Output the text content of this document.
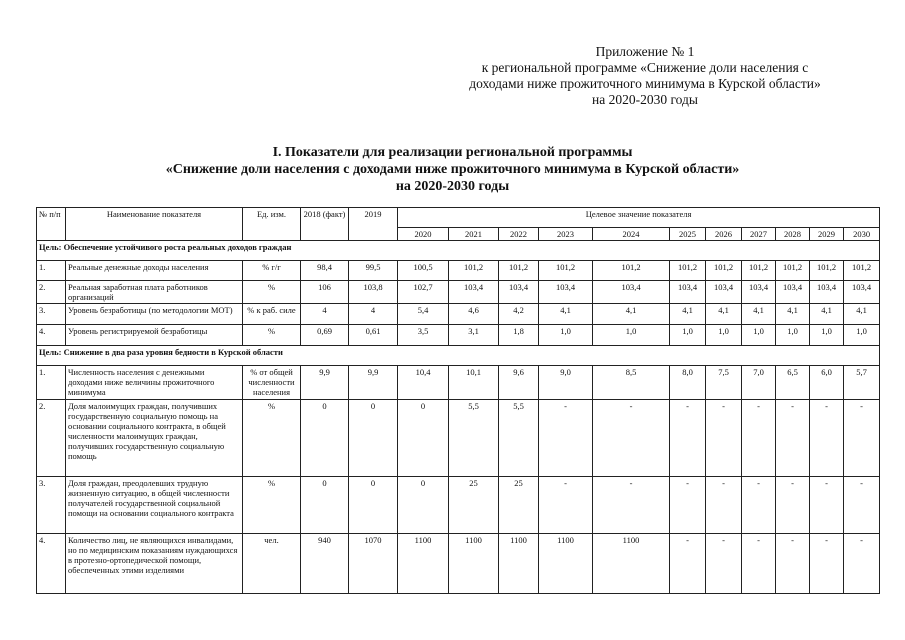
Приложение № 1
к региональной программе «Снижение доли населения с
доходами ниже прожиточного минимума в Курской области»
на 2020-2030 годы
I. Показатели для реализации региональной программы
«Снижение доли населения с доходами ниже прожиточного минимума в Курской области»
на 2020-2030 годы
№ п/п	Наименование показателя	Ед. изм.	2018 (факт)	2019	Целевое значение показателя										
					2020	2021	2022	2023	2024	2025	2026	2027	2028	2029	2030
Цель: Обеспечение устойчивого роста реальных доходов граждан															
1.	Реальные денежные доходы населения	% г/г	98,4	99,5	100,5	101,2	101,2	101,2	101,2	101,2	101,2	101,2	101,2	101,2	101,2
2.	Реальная заработная плата работников организаций	%	106	103,8	102,7	103,4	103,4	103,4	103,4	103,4	103,4	103,4	103,4	103,4	103,4
3.	Уровень безработицы (по методологии МОТ)	% к раб. силе	4	4	5,4	4,6	4,2	4,1	4,1	4,1	4,1	4,1	4,1	4,1	4,1
4.	Уровень регистрируемой безработицы	%	0,69	0,61	3,5	3,1	1,8	1,0	1,0	1,0	1,0	1,0	1,0	1,0	1,0
Цель: Снижение в два раза уровня бедности в Курской области															
1.	Численность населения с денежными доходами ниже величины прожиточного минимума	% от общей численности населения	9,9	9,9	10,4	10,1	9,6	9,0	8,5	8,0	7,5	7,0	6,5	6,0	5,7
2.	Доля малоимущих граждан, получивших государственную социальную помощь на основании социального контракта, в общей численности малоимущих граждан, получивших государственную социальную помощь	%	0	0	0	5,5	5,5	-	-	-	-	-	-	-	-
3.	Доля граждан, преодолевших трудную жизненную ситуацию, в общей численности получателей государственной социальной помощи на основании социального контракта	%	0	0	0	25	25	-	-	-	-	-	-	-	-
4.	Количество лиц, не являющихся инвалидами, но по медицинским показаниям нуждающихся в протезно-ортопедической помощи, обеспеченных этими изделиями	чел.	940	1070	1100	1100	1100	1100	1100	-	-	-	-	-	-
